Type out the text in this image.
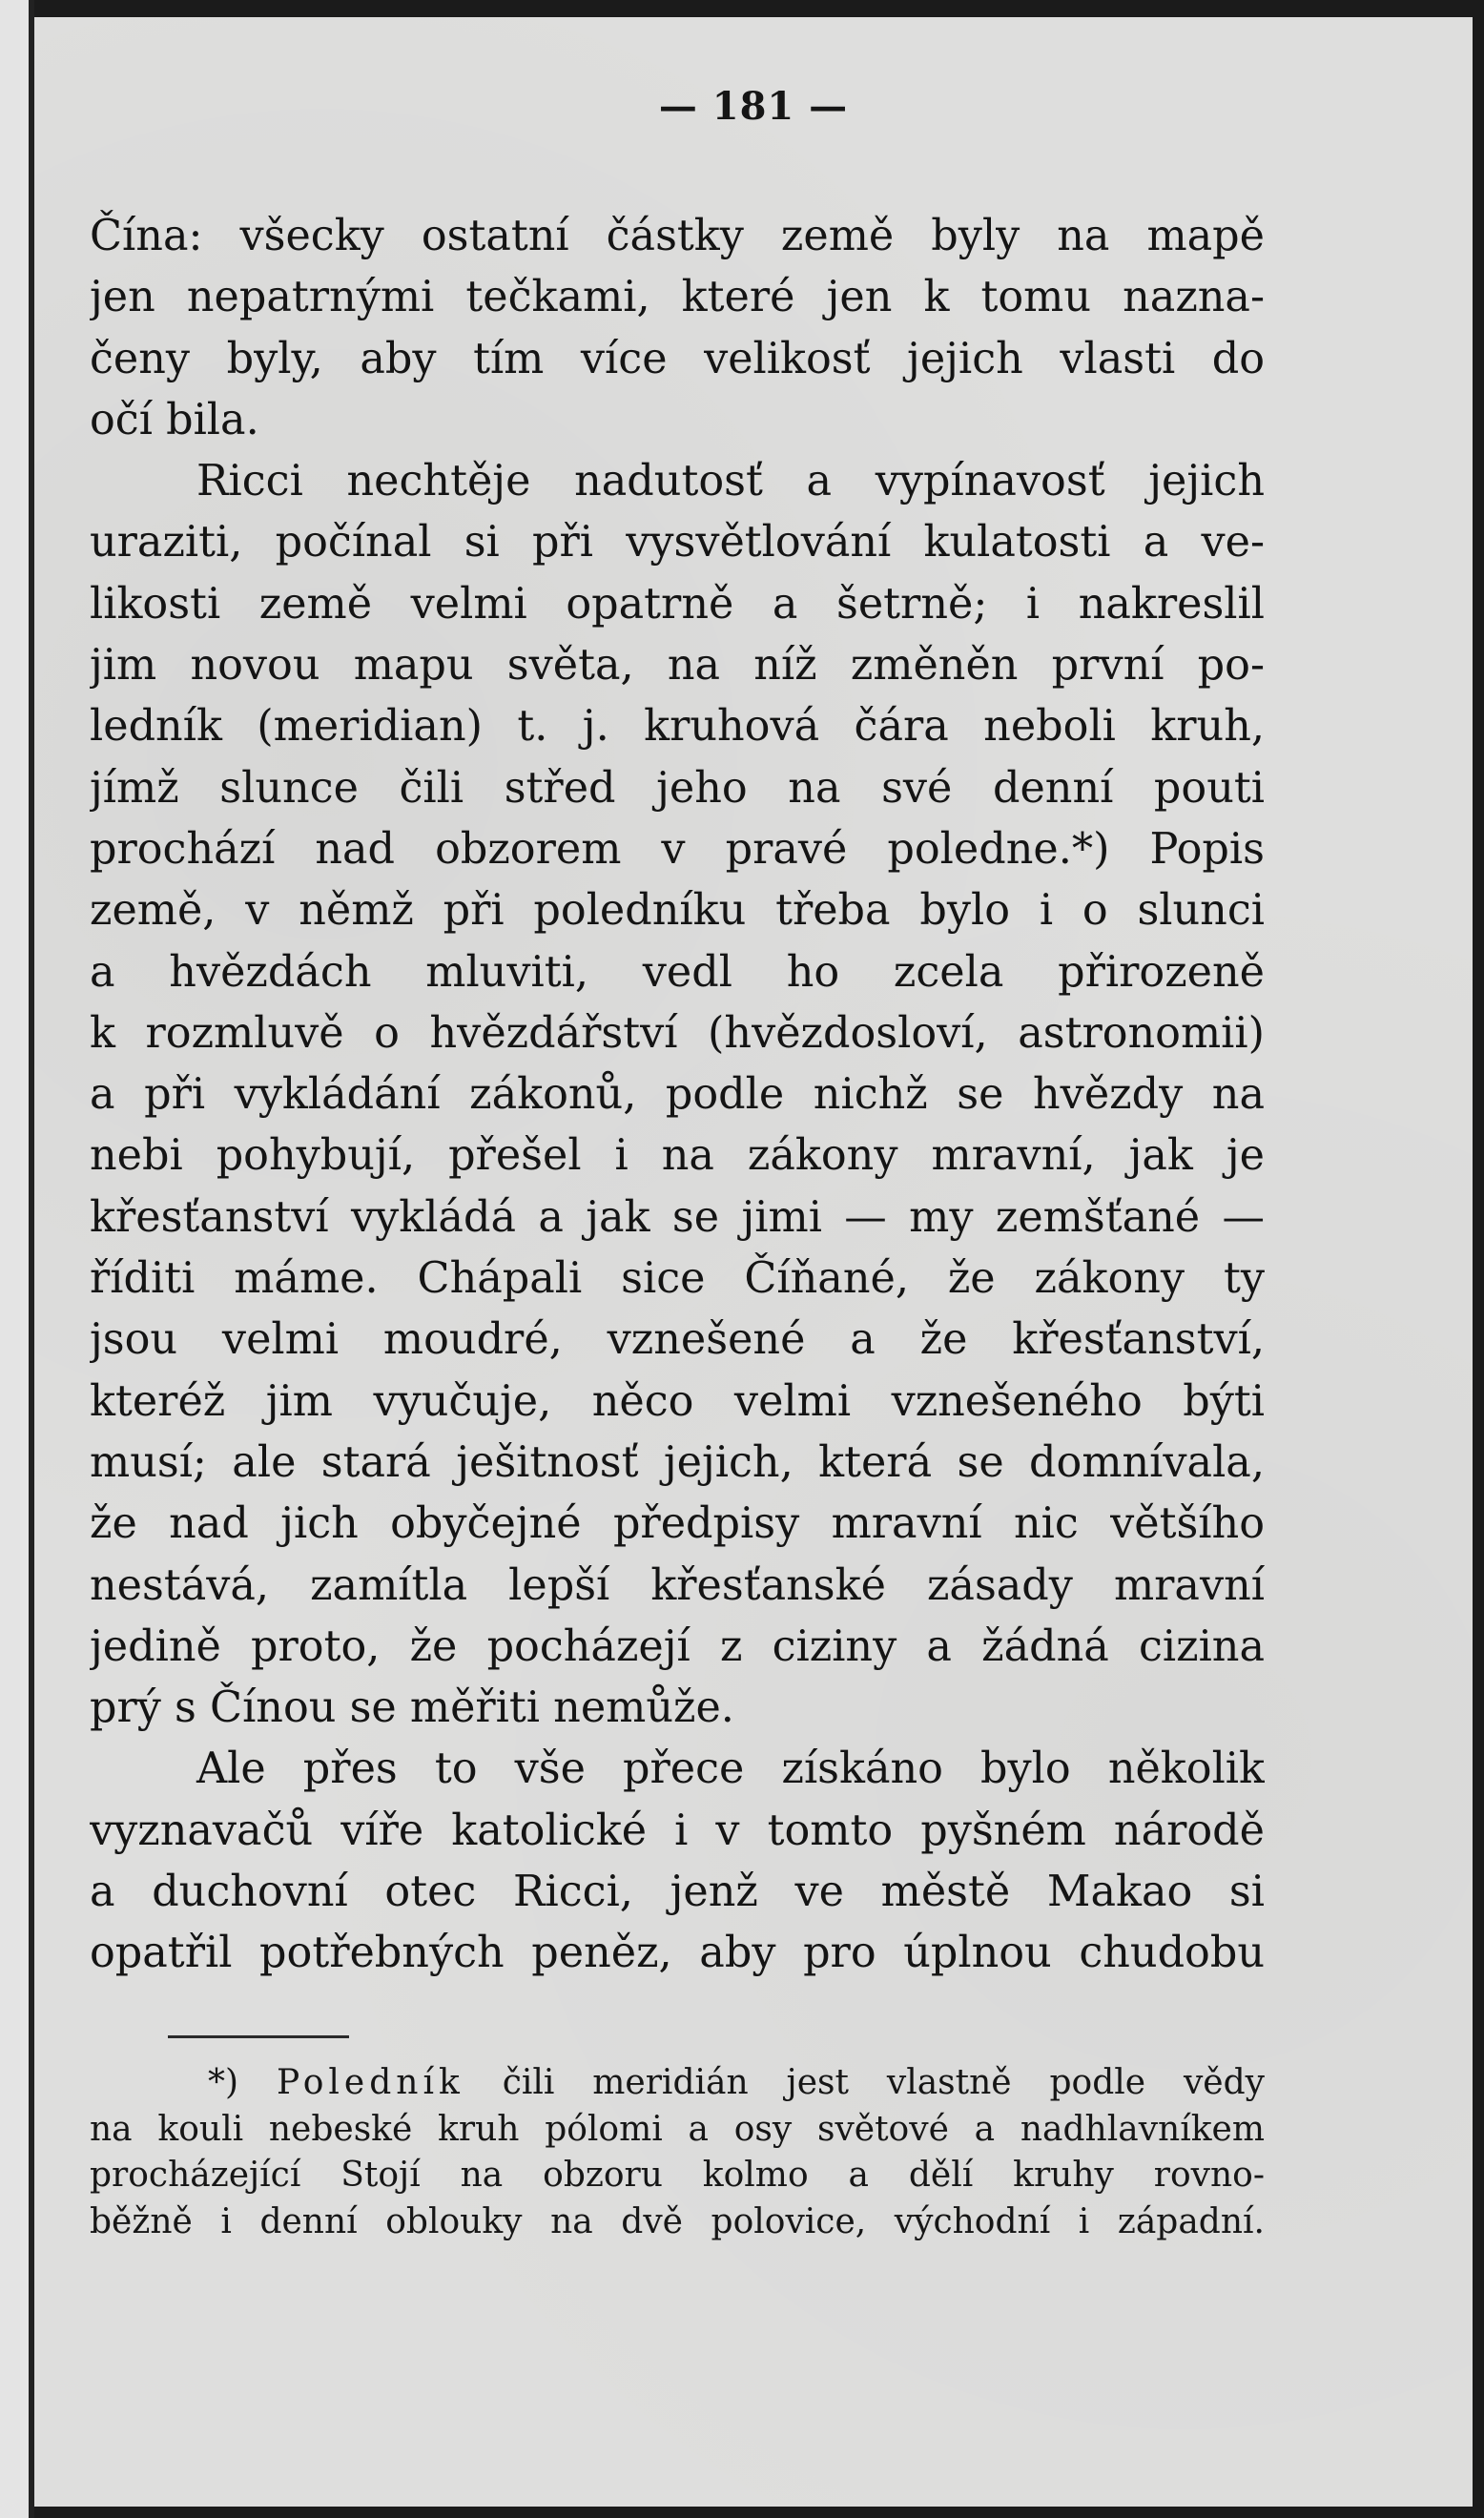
— 181 —
Čína: všecky ostatní částky země byly na mapě
jen nepatrnými tečkami, které jen k tomu nazna-
čeny byly, aby tím více velikosť jejich vlasti do
očí bila.
Ricci nechtěje nadutosť a vypínavosť jejich
uraziti, počínal si při vysvětlování kulatosti a ve-
likosti země velmi opatrně a šetrně; i nakreslil
jim novou mapu světa, na níž změněn první po-
ledník (meridian) t. j. kruhová čára neboli kruh,
jímž slunce čili střed jeho na své denní pouti
prochází nad obzorem v pravé poledne.*) Popis
země, v němž při poledníku třeba bylo i o slunci
a hvězdách mluviti, vedl ho zcela přirozeně
k rozmluvě o hvězdářství (hvězdosloví, astronomii)
a při vykládání zákonů, podle nichž se hvězdy na
nebi pohybují, přešel i na zákony mravní, jak je
křesťanství vykládá a jak se jimi — my zemšťané —
říditi máme. Chápali sice Číňané, že zákony ty
jsou velmi moudré, vznešené a že křesťanství,
kteréž jim vyučuje, něco velmi vznešeného býti
musí; ale stará ješitnosť jejich, která se domnívala,
že nad jich obyčejné předpisy mravní nic většího
nestává, zamítla lepší křesťanské zásady mravní
jedině proto, že pocházejí z ciziny a žádná cizina
prý s Čínou se měřiti nemůže.
Ale přes to vše přece získáno bylo několik
vyznavačů víře katolické i v tomto pyšném národě
a duchovní otec Ricci, jenž ve městě Makao si
opatřil potřebných peněz, aby pro úplnou chudobu
*) Poledník čili meridián jest vlastně podle vědy
na kouli nebeské kruh pólomi a osy světové a nadhlavníkem
procházející Stojí na obzoru kolmo a dělí kruhy rovno-
běžně i denní oblouky na dvě polovice, východní i západní.
